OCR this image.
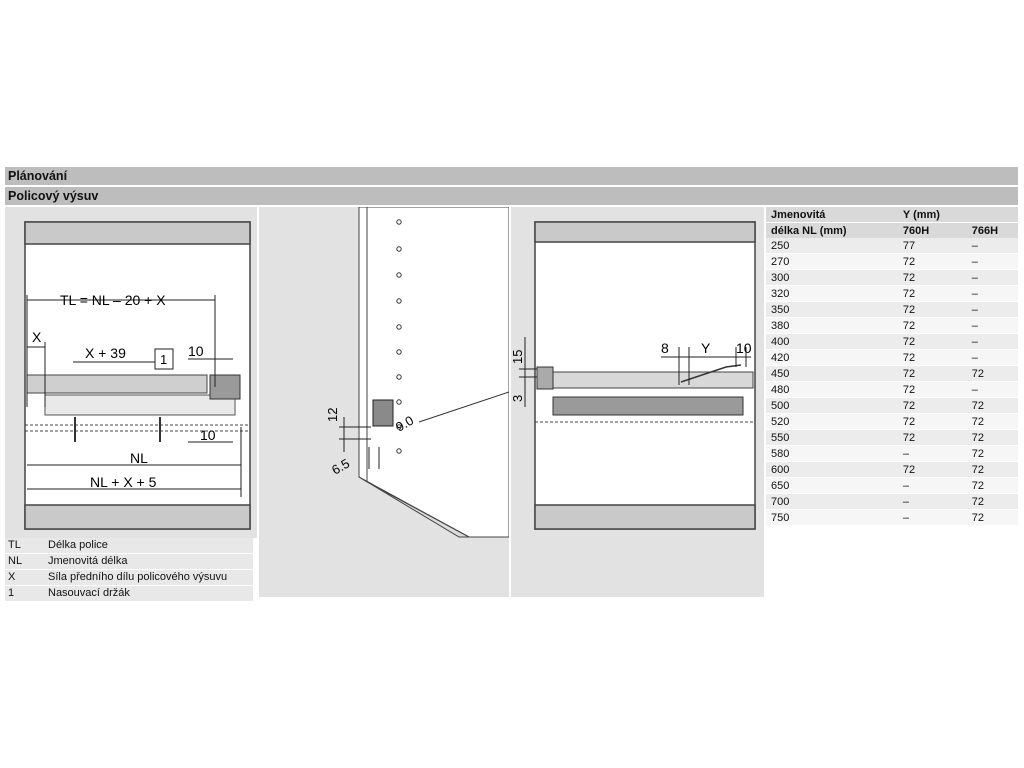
Plánování
Policový výsuv
TL = NL – 20 + X
X
X + 39	1
10
10
NL
NL + X + 5
12	9.0
6.5
15
3
8 Y 10
TL	Délka police
NL	Jmenovitá délka
X	Síla předního dílu policového výsuvu
1	Nasouvací držák
Jmenovitá	Y (mm)	
délka NL (mm)	760H	766H
250	77	–
270	72	–
300	72	–
320	72	–
350	72	–
380	72	–
400	72	–
420	72	–
450	72	72
480	72	–
500	72	72
520	72	72
550	72	72
580	–	72
600	72	72
650	–	72
700	–	72
750	–	72
